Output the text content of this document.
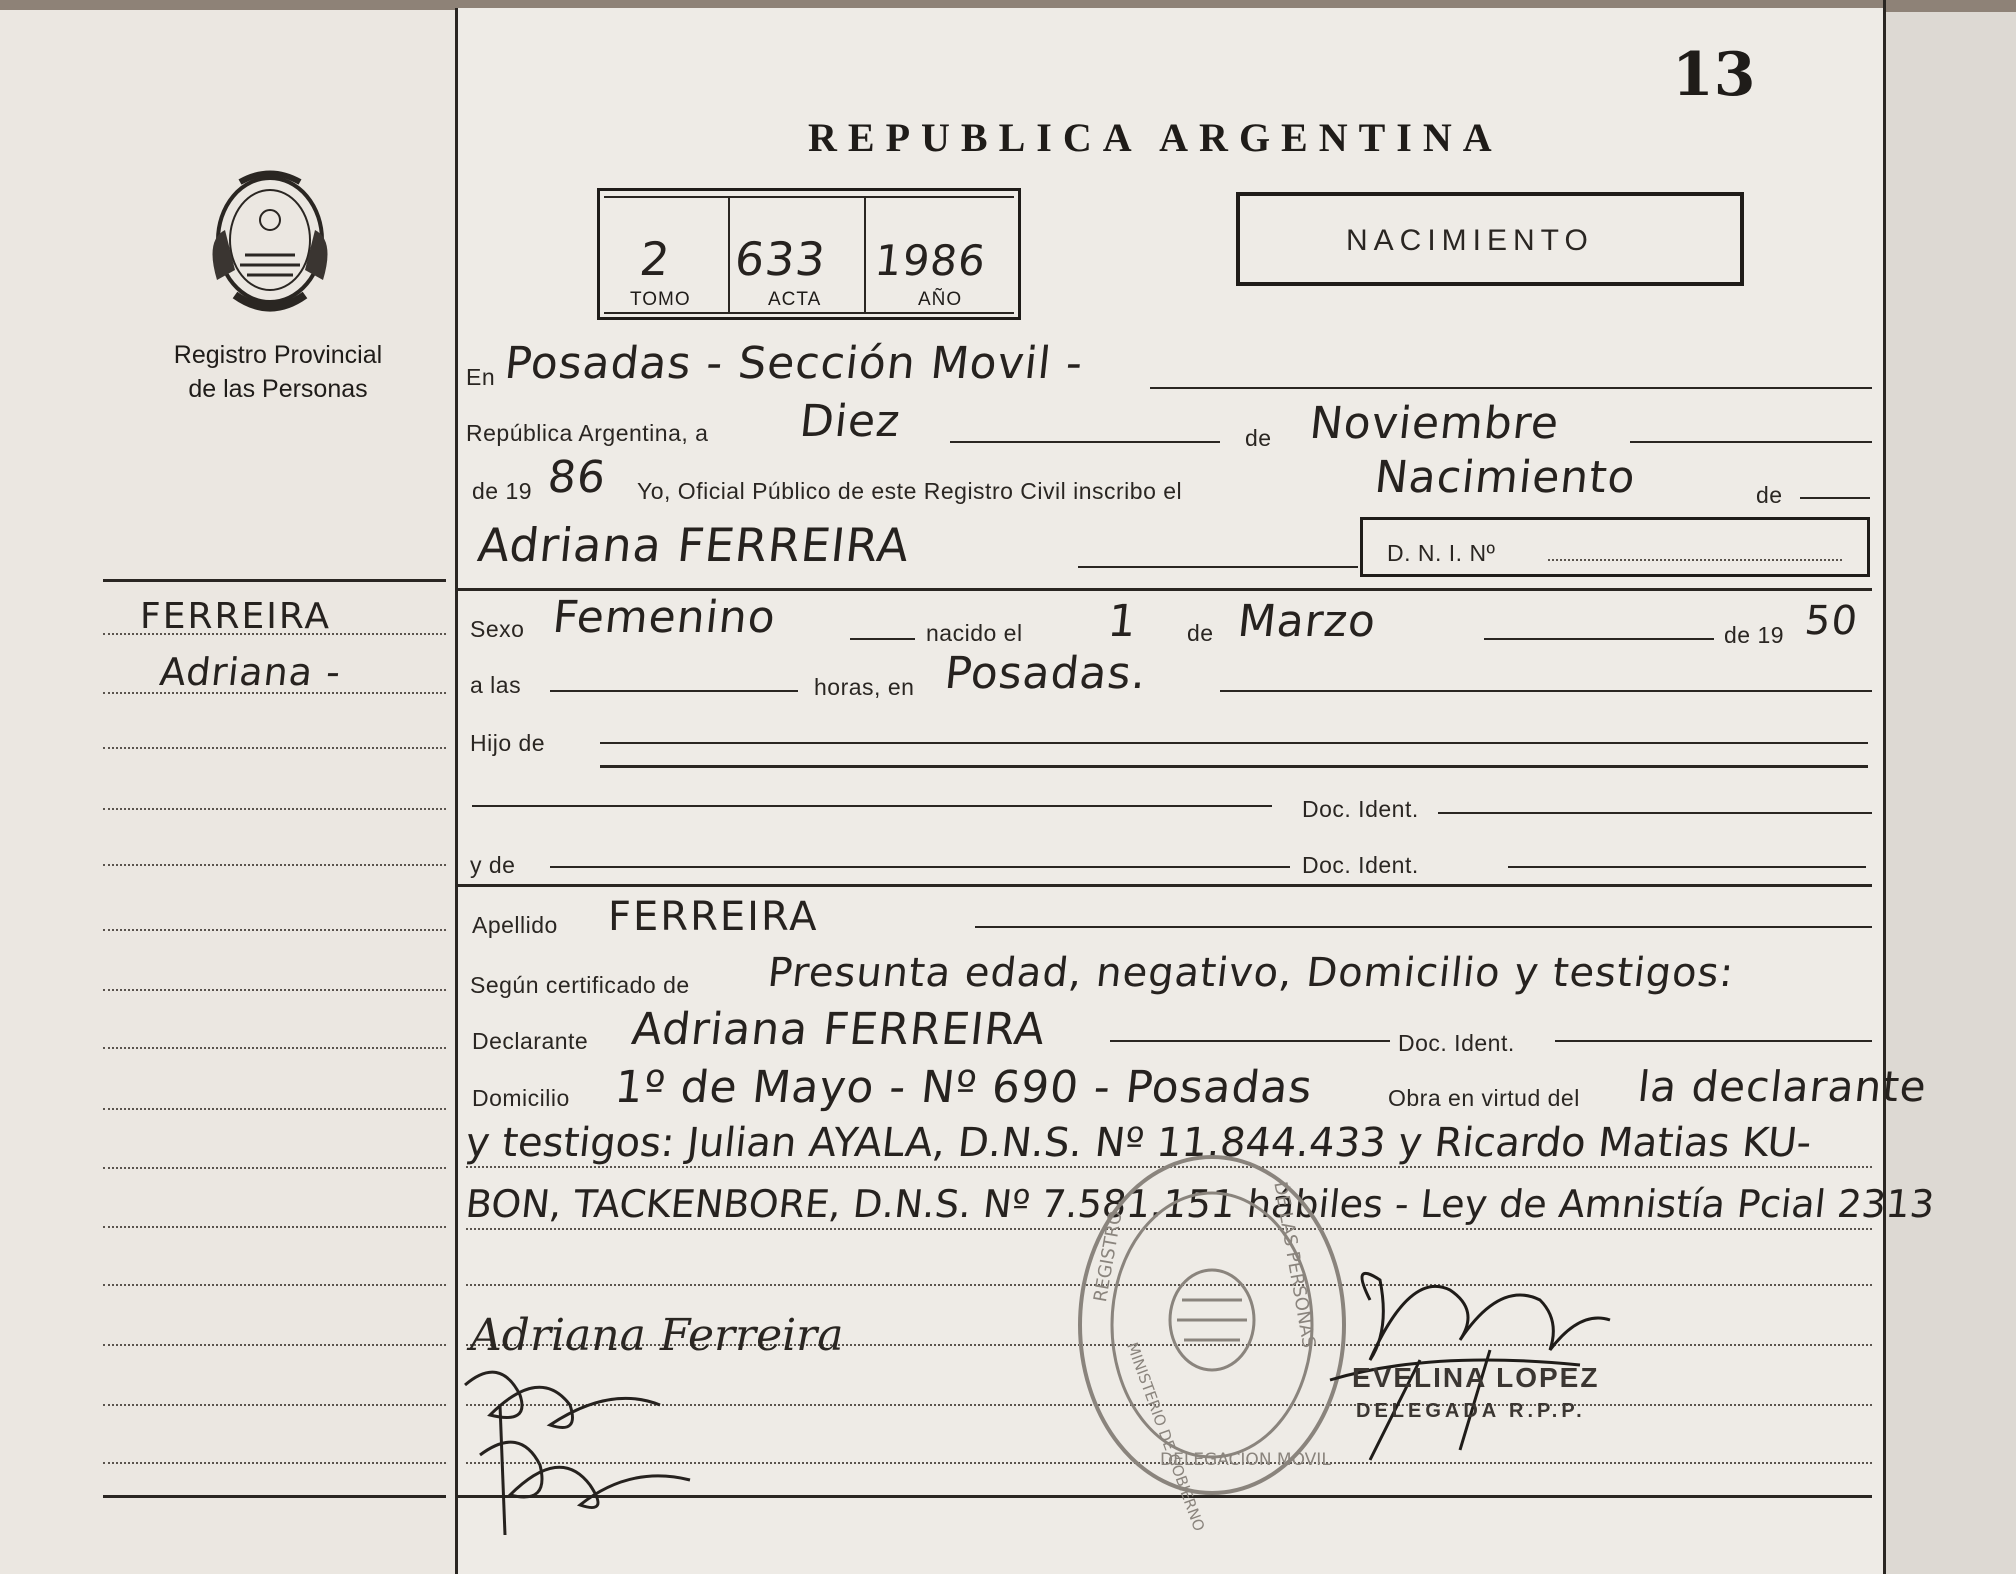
Registro Provincial
de las Personas
FERREIRA
Adriana -
13
REPUBLICA ARGENTINA
2 633 1986
TOMO	ACTA	AÑO
NACIMIENTO
En Posadas - Sección Movil -
República Argentina, a Diez	de Noviembre
de 19 86 Yo, Oficial Público de este Registro Civil inscribo el	Nacimiento	de
Adriana FERREIRA	D. N. I. Nº
Sexo Femenino	nacido el 1 de Marzo	de 19 50
a las	horas, en Posadas.
Hijo de
Doc. Ident.
y de	Doc. Ident.
Apellido FERREIRA
Según certificado de Presunta edad, negativo, Domicilio y testigos:
Declarante Adriana FERREIRA	Doc. Ident.
Domicilio 1º de Mayo - Nº 690 - Posadas	Obra en virtud del la declarante
y testigos: Julian AYALA, D.N.S. Nº 11.844.433 y Ricardo Matias KU-
BON, TACKENBORE, D.N.S. Nº 7.581.151 hábiles - Ley de Amnistía Pcial 2313
REGISTRO	DE LAS PERSONAS
MINISTERIO DE GOBIERNO
DELEGACION MOVIL
Adriana Ferreira
EVELINA LOPEZ
DELEGADA R.P.P.
